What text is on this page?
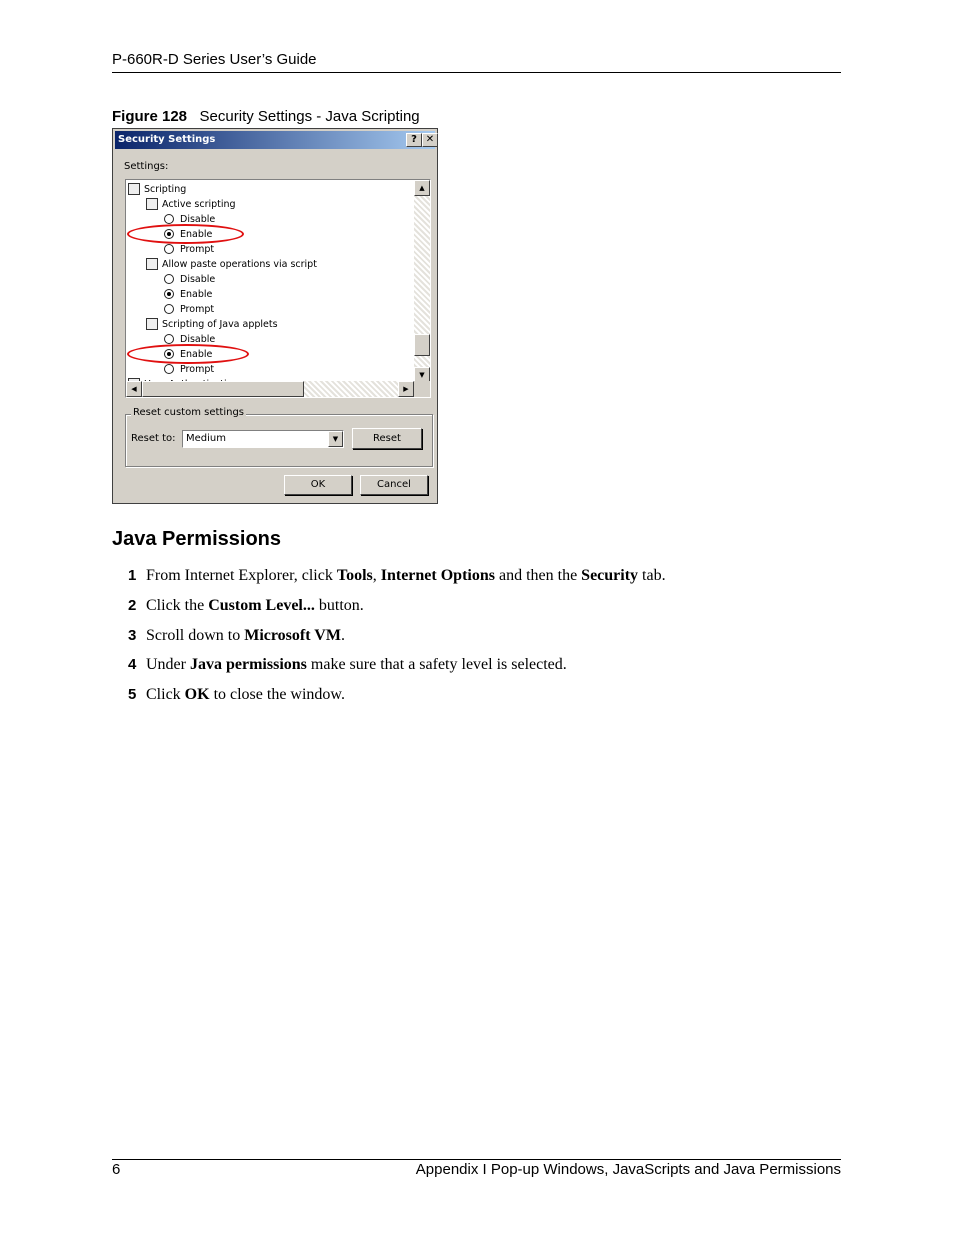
P-660R-D Series User’s Guide
Figure 128 Security Settings - Java Scripting
Security Settings	? ✕
Settings:
Scripting
Active scripting
Disable
Enable
Prompt
Allow paste operations via script
Disable
Enable
Prompt
Scripting of Java applets
Disable
Enable
Prompt
▲
▼
◀	▶
Reset custom settings
Reset to:	Medium	▼	Reset
OK	Cancel
Java Permissions
1 From Internet Explorer, click Tools, Internet Options and then the Security tab.
2 Click the Custom Level... button.
3 Scroll down to Microsoft VM.
4 Under Java permissions make sure that a safety level is selected.
5 Click OK to close the window.
6	Appendix I Pop-up Windows, JavaScripts and Java Permissions
